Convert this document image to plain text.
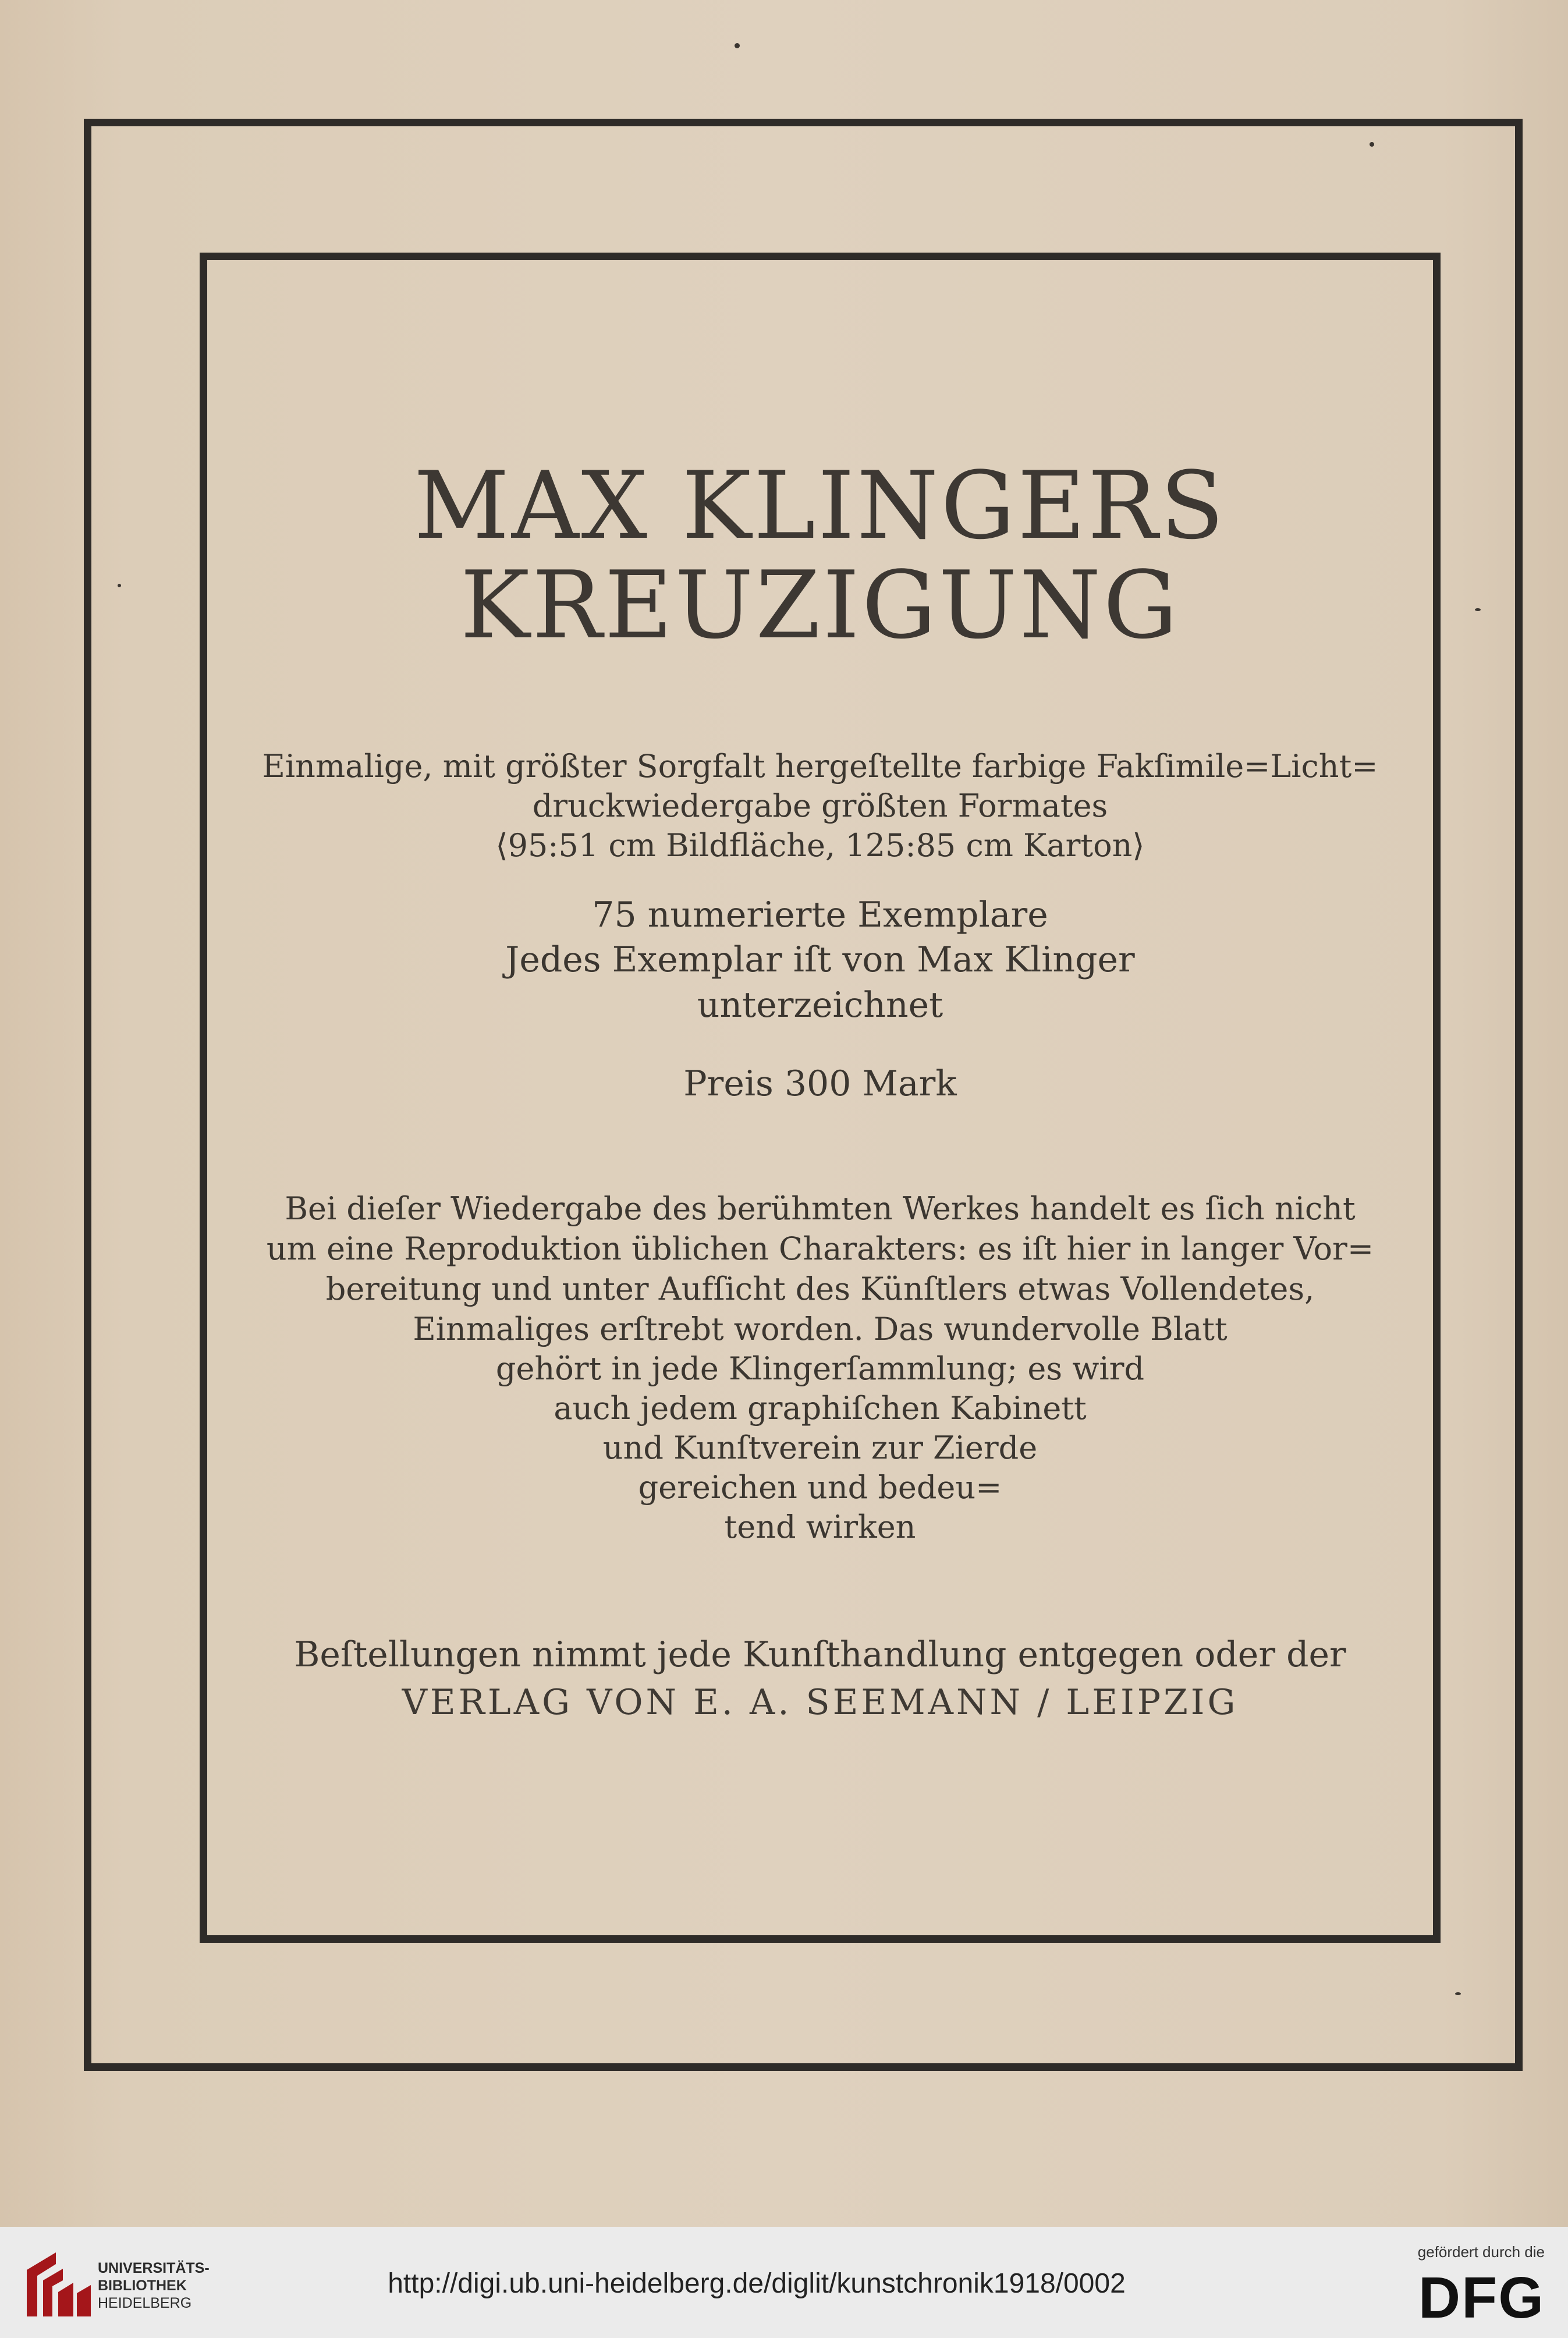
MAX KLINGERS
KREUZIGUNG
Einmalige, mit größter Sorgfalt hergeſtellte farbige Fakſimile=Licht=
druckwiedergabe größten Formates
⟨95:51 cm Bildfläche, 125:85 cm Karton⟩
75 numerierte Exemplare
Jedes Exemplar iſt von Max Klinger
unterzeichnet
Preis 300 Mark
Bei dieſer Wiedergabe des berühmten Werkes handelt es ſich nicht
um eine Reproduktion üblichen Charakters: es iſt hier in langer Vor=
bereitung und unter Aufſicht des Künſtlers etwas Vollendetes,
Einmaliges erſtrebt worden. Das wundervolle Blatt
gehört in jede Klingerſammlung; es wird
auch jedem graphiſchen Kabinett
und Kunſtverein zur Zierde
gereichen und bedeu=
tend wirken
Beſtellungen nimmt jede Kunſthandlung entgegen oder der
VERLAG VON E. A. SEEMANN / LEIPZIG
UNIVERSITÄTS-
BIBLIOTHEK
HEIDELBERG
http://digi.ub.uni-heidelberg.de/diglit/kunstchronik1918/0002
gefördert durch die
DFG
